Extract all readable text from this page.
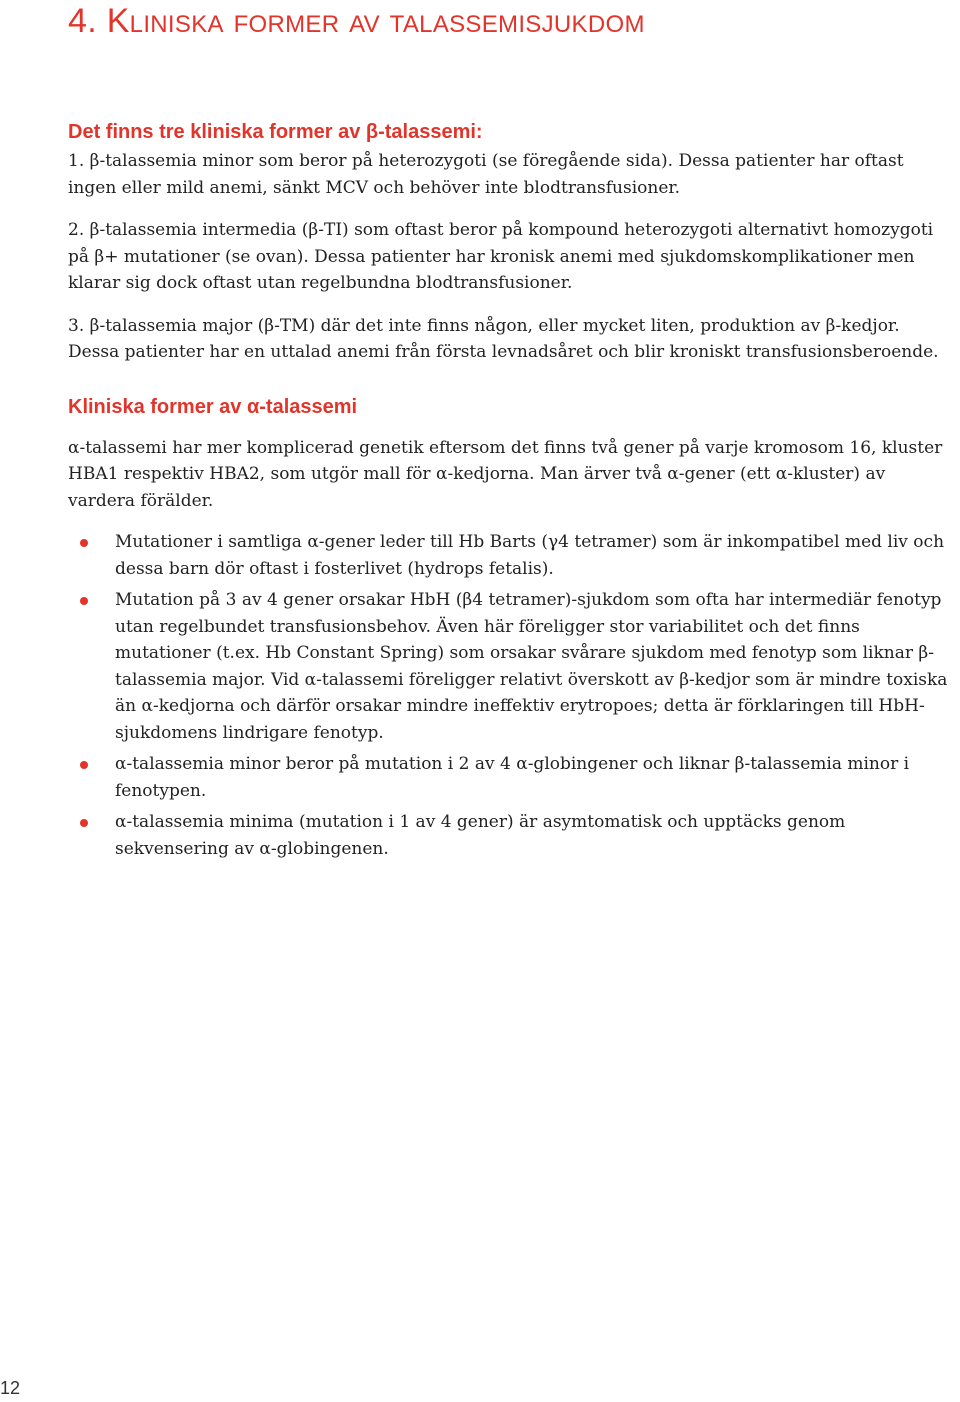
4. Kliniska former av talassemisjukdom
Det finns tre kliniska former av β-talassemi:

1. β-talassemia minor som beror på heterozygoti (se föregående sida). Dessa patienter har oftast ingen eller mild anemi, sänkt MCV och behöver inte blodtransfusioner.

2. β-talassemia intermedia (β-TI) som oftast beror på kompound heterozygoti alternativt homozygoti på β+ mutationer (se ovan). Dessa patienter har kronisk anemi med sjukdomskomplikationer men klarar sig dock oftast utan regelbundna blodtransfusioner.

3. β-talassemia major (β-TM) där det inte finns någon, eller mycket liten, produktion av β-kedjor. Dessa patienter har en uttalad anemi från första levnadsåret och blir kroniskt transfusionsberoende.

Kliniska former av α-talassemi

α-talassemi har mer komplicerad genetik eftersom det finns två gener på varje kromosom 16, kluster HBA1 respektiv HBA2, som utgör mall för α-kedjorna. Man ärver två α-gener (ett α-kluster) av vardera förälder.

Mutationer i samtliga α-gener leder till Hb Barts (γ4 tetramer) som är inkompatibel med liv och dessa barn dör oftast i fosterlivet (hydrops fetalis).

Mutation på 3 av 4 gener orsakar HbH (β4 tetramer)-sjukdom som ofta har intermediär fenotyp utan regelbundet transfusionsbehov. Även här föreligger stor variabilitet och det finns mutationer (t.ex. Hb Constant Spring) som orsakar svårare sjukdom med fenotyp som liknar β-talassemia major. Vid α-talassemi föreligger relativt överskott av β-kedjor som är mindre toxiska än α-kedjorna och därför orsakar mindre ineffektiv erytropoes; detta är förklaringen till HbH-sjukdomens lindrigare fenotyp.

α-talassemia minor beror på mutation i 2 av 4 α-globingener och liknar β-talassemia minor i fenotypen.

α-talassemia minima (mutation i 1 av 4 gener) är asymtomatisk och upptäcks genom sekvensering av α-globingenen.

12
